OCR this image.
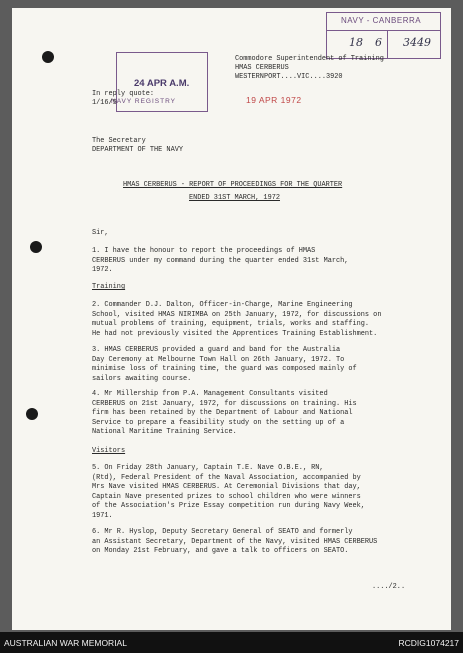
NAVY - CANBERRA
18 6 3449
24 APR A.M.
NAVY REGISTRY
Commodore Superintendent of Training
HMAS CERBERUS
WESTERNPORT....VIC....3920
In reply quote:
1/16/5	19 APR 1972
The Secretary
DEPARTMENT OF THE NAVY
HMAS CERBERUS - REPORT OF PROCEEDINGS FOR THE QUARTER
ENDED 31ST MARCH, 1972
Sir,
1. I have the honour to report the proceedings of HMAS
CERBERUS under my command during the quarter ended 31st March,
1972.
Training
2. Commander D.J. Dalton, Officer-in-Charge, Marine Engineering
School, visited HMAS NIRIMBA on 25th January, 1972, for discussions on
mutual problems of training, equipment, trials, works and staffing.
He had not previously visited the Apprentices Training Establishment.
3. HMAS CERBERUS provided a guard and band for the Australia
Day Ceremony at Melbourne Town Hall on 26th January, 1972. To
minimise loss of training time, the guard was composed mainly of
sailors awaiting course.
4. Mr Millership from P.A. Management Consultants visited
CERBERUS on 21st January, 1972, for discussions on training. His
firm has been retained by the Department of Labour and National
Service to prepare a feasibility study on the setting up of a
National Maritime Training Service.
Visitors
5. On Friday 28th January, Captain T.E. Nave O.B.E., RN,
(Rtd), Federal President of the Naval Association, accompanied by
Mrs Nave visited HMAS CERBERUS. At Ceremonial Divisions that day,
Captain Nave presented prizes to school children who were winners
of the Association's Prize Essay competition run during Navy Week,
1971.
6. Mr R. Hyslop, Deputy Secretary General of SEATO and formerly
an Assistant Secretary, Department of the Navy, visited HMAS CERBERUS
on Monday 21st February, and gave a talk to officers on SEATO.
..../2..
AUSTRALIAN WAR MEMORIAL	RCDIG1074217
